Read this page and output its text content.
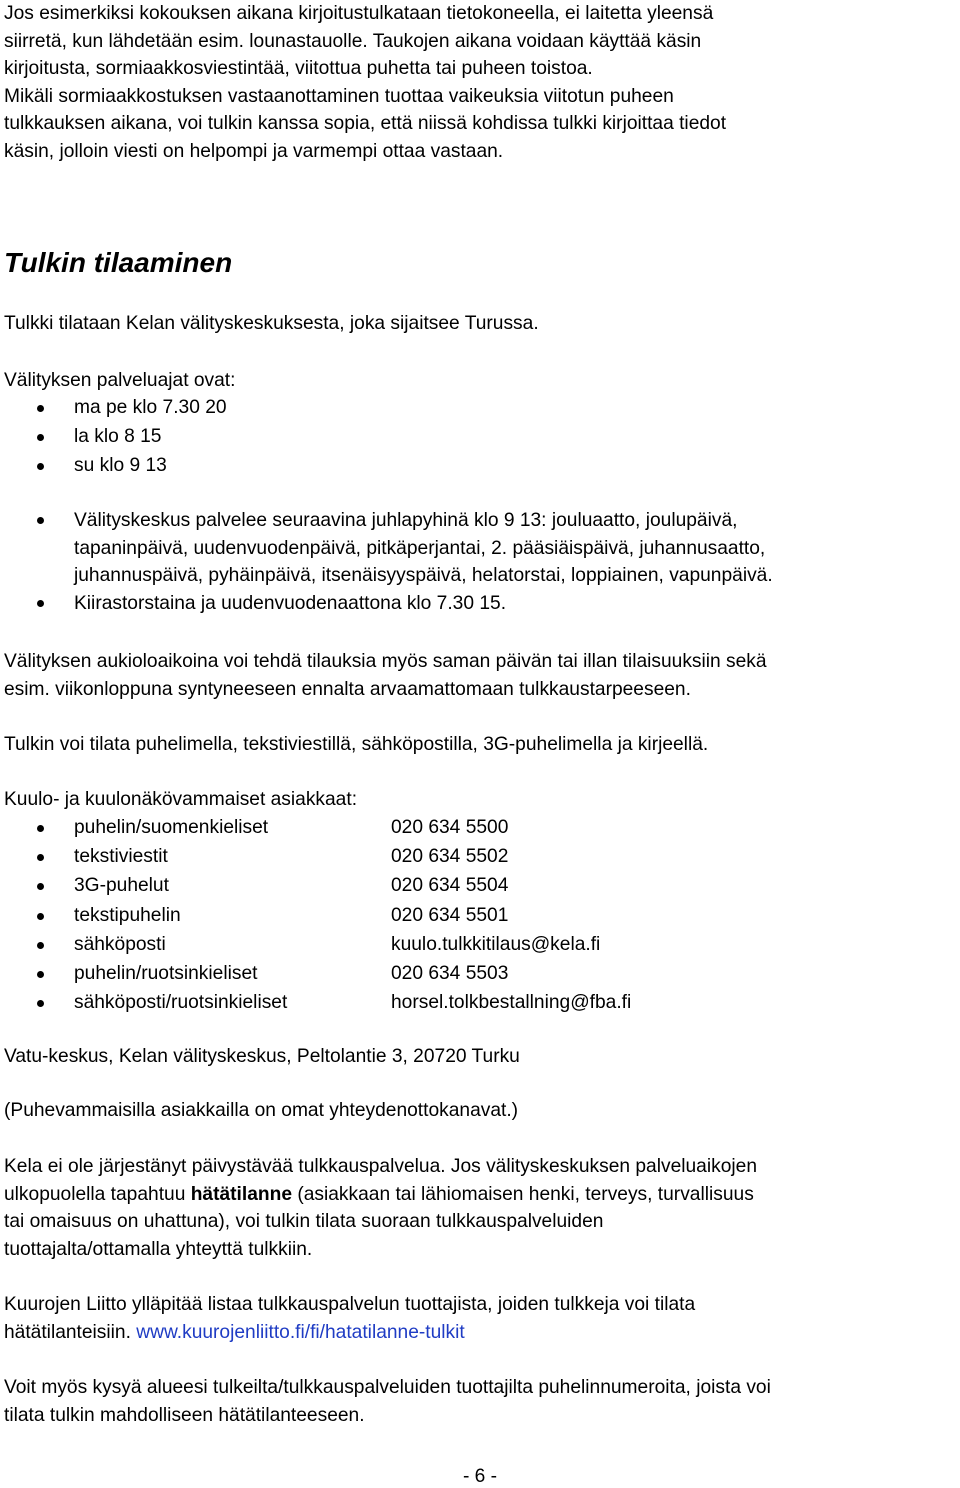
Jos esimerkiksi kokouksen aikana kirjoitustulkataan tietokoneella, ei laitetta yleensä

siirretä, kun lähdetään esim. lounastauolle. Taukojen aikana voidaan käyttää käsin

kirjoitusta, sormiaakkosviestintää, viitottua puhetta tai puheen toistoa.

Mikäli sormiaakkostuksen vastaanottaminen tuottaa vaikeuksia viitotun puheen

tulkkauksen aikana, voi tulkin kanssa sopia, että niissä kohdissa tulkki kirjoittaa tiedot

käsin, jolloin viesti on helpompi ja varmempi ottaa vastaan.

Tulkin tilaaminen

Tulkki tilataan Kelan välityskeskuksesta, joka sijaitsee Turussa.

Välityksen palveluajat ovat:

ma pe klo 7.30 20
la klo 8 15
su klo 9 13
Välityskeskus palvelee seuraavina juhlapyhinä klo 9 13: jouluaatto, joulupäivä,
tapaninpäivä, uudenvuodenpäivä, pitkäperjantai, 2. pääsiäispäivä, juhannusaatto,
juhannuspäivä, pyhäinpäivä, itsenäisyyspäivä, helatorstai, loppiainen, vapunpäivä.
Kiirastorstaina ja uudenvuodenaattona klo 7.30 15.

Välityksen aukioloaikoina voi tehdä tilauksia myös saman päivän tai illan tilaisuuksiin sekä

esim. viikonloppuna syntyneeseen ennalta arvaamattomaan tulkkaustarpeeseen.

Tulkin voi tilata puhelimella, tekstiviestillä, sähköpostilla, 3G-puhelimella ja kirjeellä.

Kuulo- ja kuulonäkövammaiset asiakkaat:

puhelin/suomenkieliset	020 634 5500
tekstiviestit	020 634 5502
3G-puhelut	020 634 5504
tekstipuhelin	020 634 5501
sähköposti	kuulo.tulkkitilaus@kela.fi
puhelin/ruotsinkieliset	020 634 5503
sähköposti/ruotsinkieliset	horsel.tolkbestallning@fba.fi

Vatu-keskus, Kelan välityskeskus, Peltolantie 3, 20720 Turku

(Puhevammaisilla asiakkailla on omat yhteydenottokanavat.)

Kela ei ole järjestänyt päivystävää tulkkauspalvelua. Jos välityskeskuksen palveluaikojen

ulkopuolella tapahtuu hätätilanne (asiakkaan tai lähiomaisen henki, terveys, turvallisuus

tai omaisuus on uhattuna), voi tulkin tilata suoraan tulkkauspalveluiden

tuottajalta/ottamalla yhteyttä tulkkiin.

Kuurojen Liitto ylläpitää listaa tulkkauspalvelun tuottajista, joiden tulkkeja voi tilata

hätätilanteisiin. www.kuurojenliitto.fi/fi/hatatilanne-tulkit

Voit myös kysyä alueesi tulkeilta/tulkkauspalveluiden tuottajilta puhelinnumeroita, joista voi

tilata tulkin mahdolliseen hätätilanteeseen.

- 6 -
